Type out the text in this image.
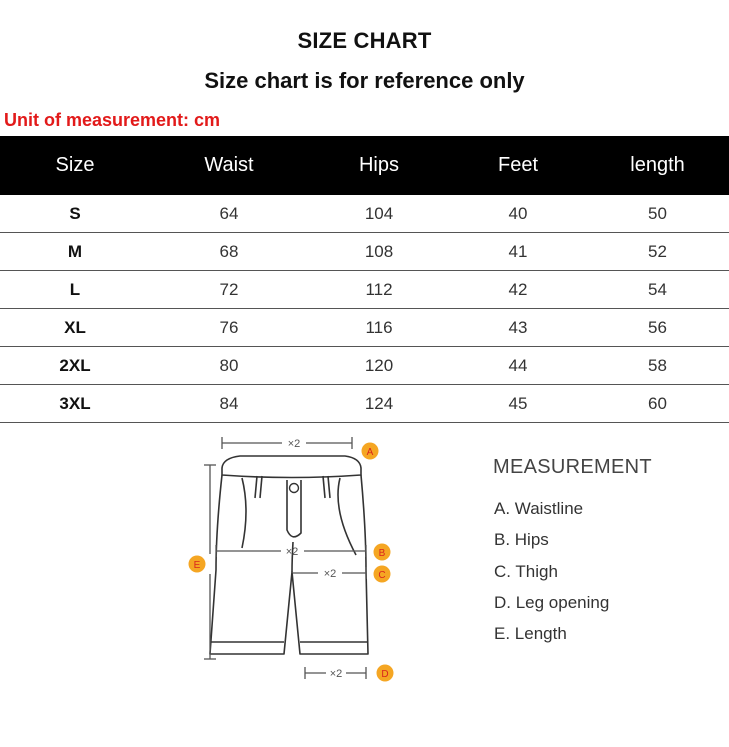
SIZE CHART
Size chart is for reference only
Unit of measurement: cm
Size	Waist	Hips	Feet	length
S	64	104	40	50
M	68	108	41	52
L	72	112	42	54
XL	76	116	43	56
2XL	80	120	44	58
3XL	84	124	45	60
×2
×2
×2
×2
A
B
C
D
E
MEASUREMENT
A. Waistline
B. Hips
C. Thigh
D. Leg opening
E. Length
